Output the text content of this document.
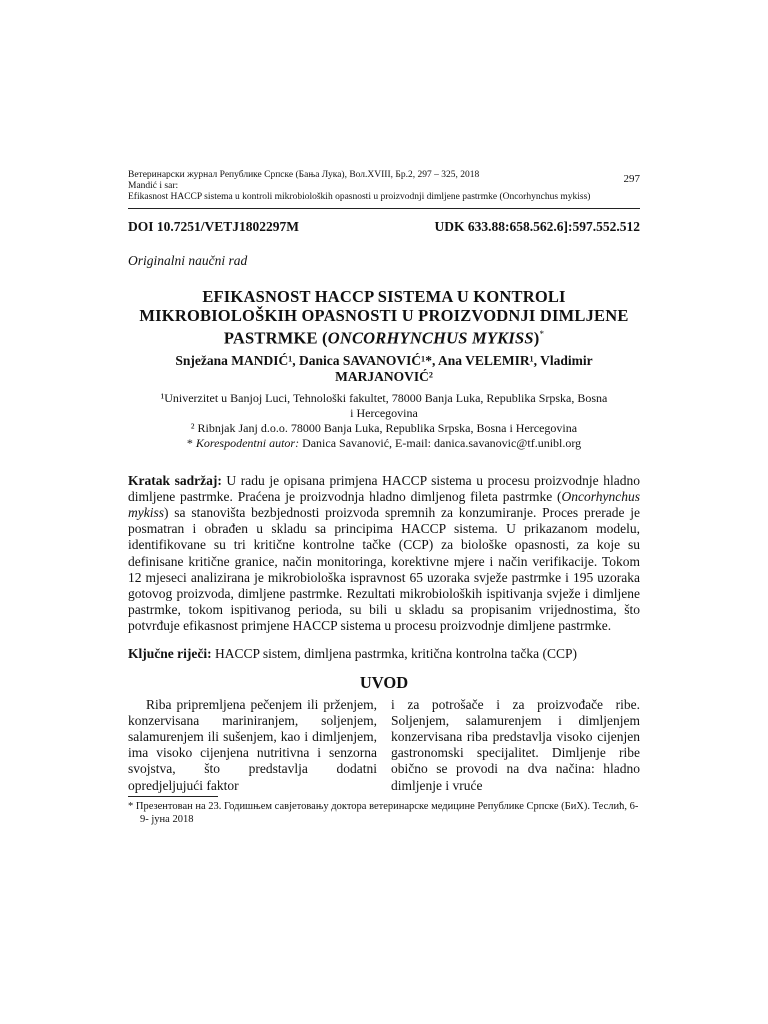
297
Ветеринарски журнал Републике Српске (Бања Лука), Вол.XVIII, Бр.2, 297 – 325, 2018
Mandić i sar:
Efikasnost HACCP sistema u kontroli mikrobioloških opasnosti u proizvodnji dimljene pastrmke (Oncorhynchus mykiss)
DOI 10.7251/VETJ1802297M	UDK 633.88:658.562.6]:597.552.512
Originalni naučni rad
EFIKASNOST HACCP SISTEMA U KONTROLI
MIKROBIOLOŠKIH OPASNOSTI U PROIZVODNJI DIMLJENE
PASTRMKE (ONCORHYNCHUS MYKISS)*
Snježana MANDIĆ¹, Danica SAVANOVIĆ¹*, Ana VELEMIR¹, Vladimir MARJANOVIĆ²
¹Univerzitet u Banjoj Luci, Tehnološki fakultet, 78000 Banja Luka, Republika Srpska, Bosna i Hercegovina
² Ribnjak Janj d.o.o. 78000 Banja Luka, Republika Srpska, Bosna i Hercegovina
* Korespodentni autor: Danica Savanović, E-mail: danica.savanovic@tf.unibl.org
Kratak sadržaj: U radu je opisana primjena HACCP sistema u procesu proizvodnje hladno dimljene pastrmke. Praćena je proizvodnja hladno dimljenog fileta pastrmke (Oncorhynchus mykiss) sa stanovišta bezbjednosti proizvoda spremnih za konzumiranje. Proces prerade je posmatran i obrađen u skladu sa principima HACCP sistema. U prikazanom modelu, identifikovane su tri kritične kontrolne tačke (CCP) za biološke opasnosti, za koje su definisane kritične granice, način monitoringa, korektivne mjere i način verifikacije. Tokom 12 mjeseci analizirana je mikrobiološka ispravnost 65 uzoraka svježe pastrmke i 195 uzoraka gotovog proizvoda, dimljene pastrmke. Rezultati mikrobioloških ispitivanja svježe i dimljene pastrmke, tokom ispitivanog perioda, su bili u skladu sa propisanim vrijednostima, što potvrđuje efikasnost primjene HACCP sistema u procesu proizvodnje dimljene pastrmke.
Ključne riječi: HACCP sistem, dimljena pastrmka, kritična kontrolna tačka (CCP)
UVOD
Riba pripremljena pečenjem ili prženjem, konzervisana mariniranjem, soljenjem, salamurenjem ili sušenjem, kao i dimljenjem, ima visoko cijenjena nutritivna i senzorna svojstva, što predstavlja dodatni opredjeljujući faktor
i za potrošače i za proizvođače ribe. Soljenjem, salamurenjem i dimljenjem konzervisana riba predstavlja visoko cijenjen gastronomski specijalitet. Dimljenje ribe obično se provodi na dva načina: hladno dimljenje i vruće
* Презентован на 23. Годишњем савјетовању доктора ветеринарске медицине Републике Српске (БиХ). Теслић, 6-9- јуна 2018
